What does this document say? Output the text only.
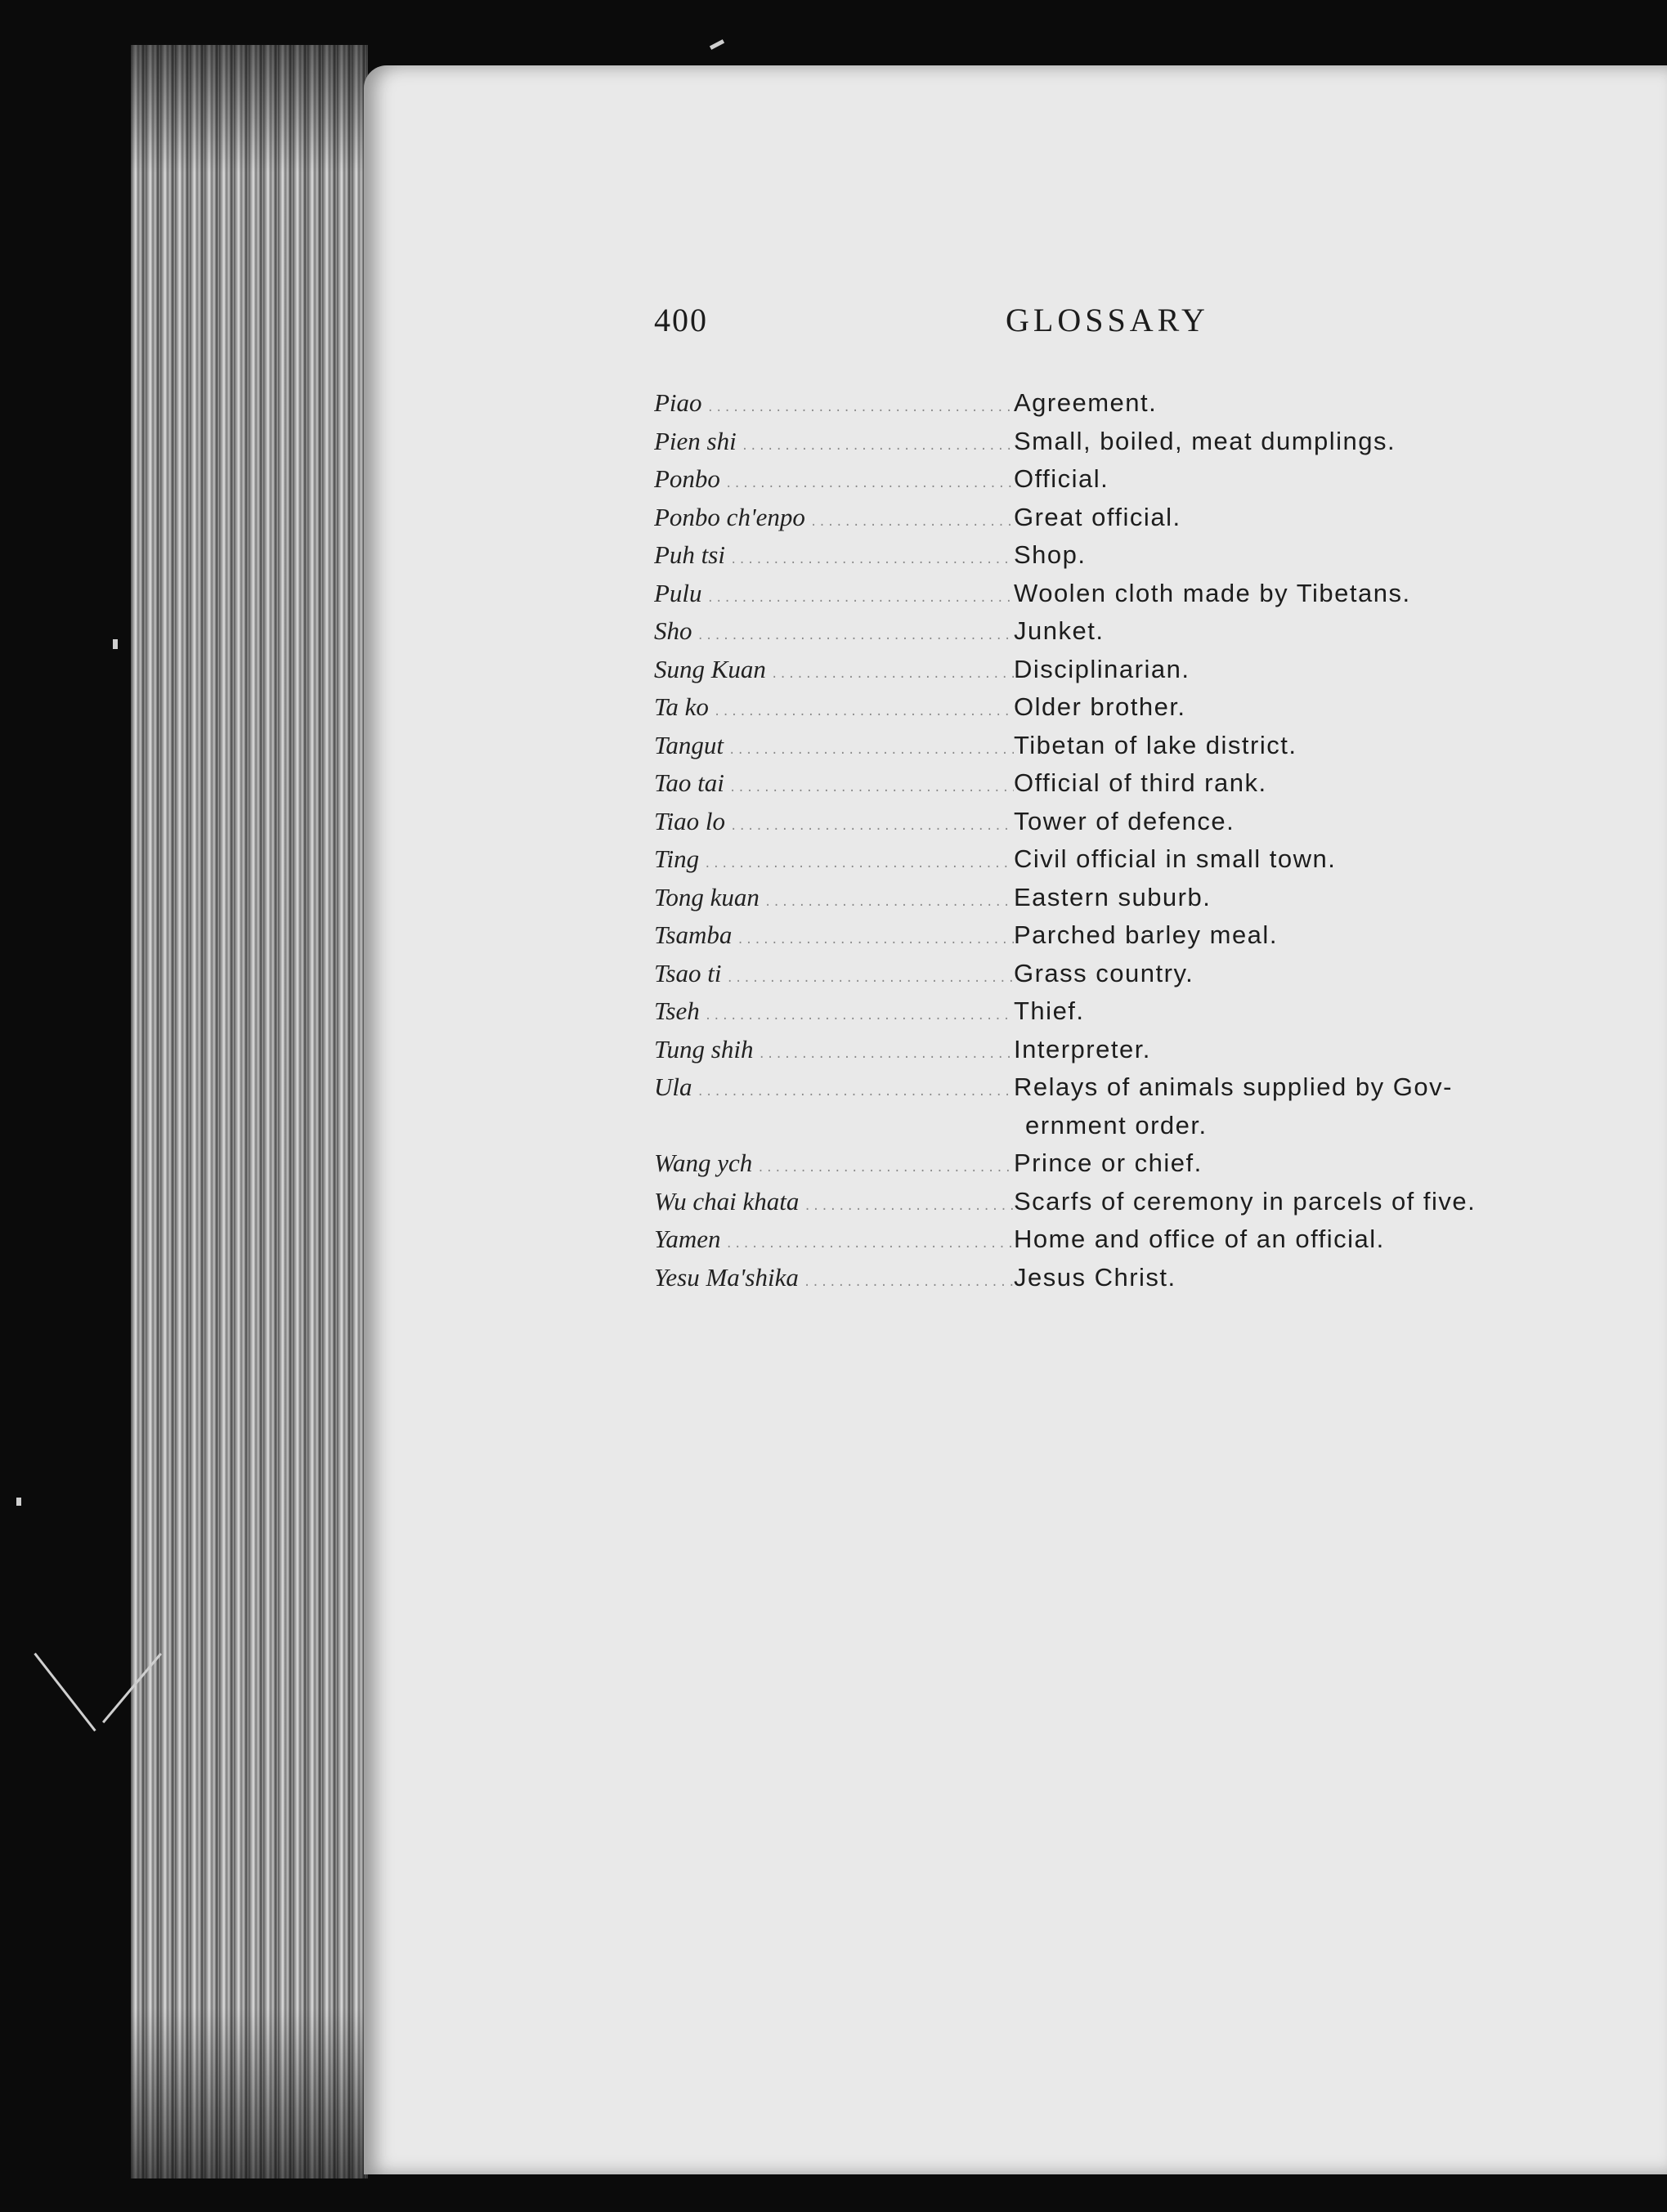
400	GLOSSARY
Piao .....	Agreement.
Pien shi .....	Small, boiled, meat dumplings.
Ponbo .....	Official.
Ponbo ch'enpo .....	Great official.
Puh tsi .....	Shop.
Pulu .....	Woolen cloth made by Tibetans.
Sho .....	Junket.
Sung Kuan .....	Disciplinarian.
Ta ko .....	Older brother.
Tangut .....	Tibetan of lake district.
Tao tai .....	Official of third rank.
Tiao lo .....	Tower of defence.
Ting .....	Civil official in small town.
Tong kuan .....	Eastern suburb.
Tsamba .....	Parched barley meal.
Tsao ti .....	Grass country.
Tseh .....	Thief.
Tung shih .....	Interpreter.
Ula .....	Relays of animals supplied by Gov-
ernment order.
Wang ych .....	Prince or chief.
Wu chai khata .....	Scarfs of ceremony in parcels of five.
Yamen .....	Home and office of an official.
Yesu Ma'shika .....	Jesus Christ.
